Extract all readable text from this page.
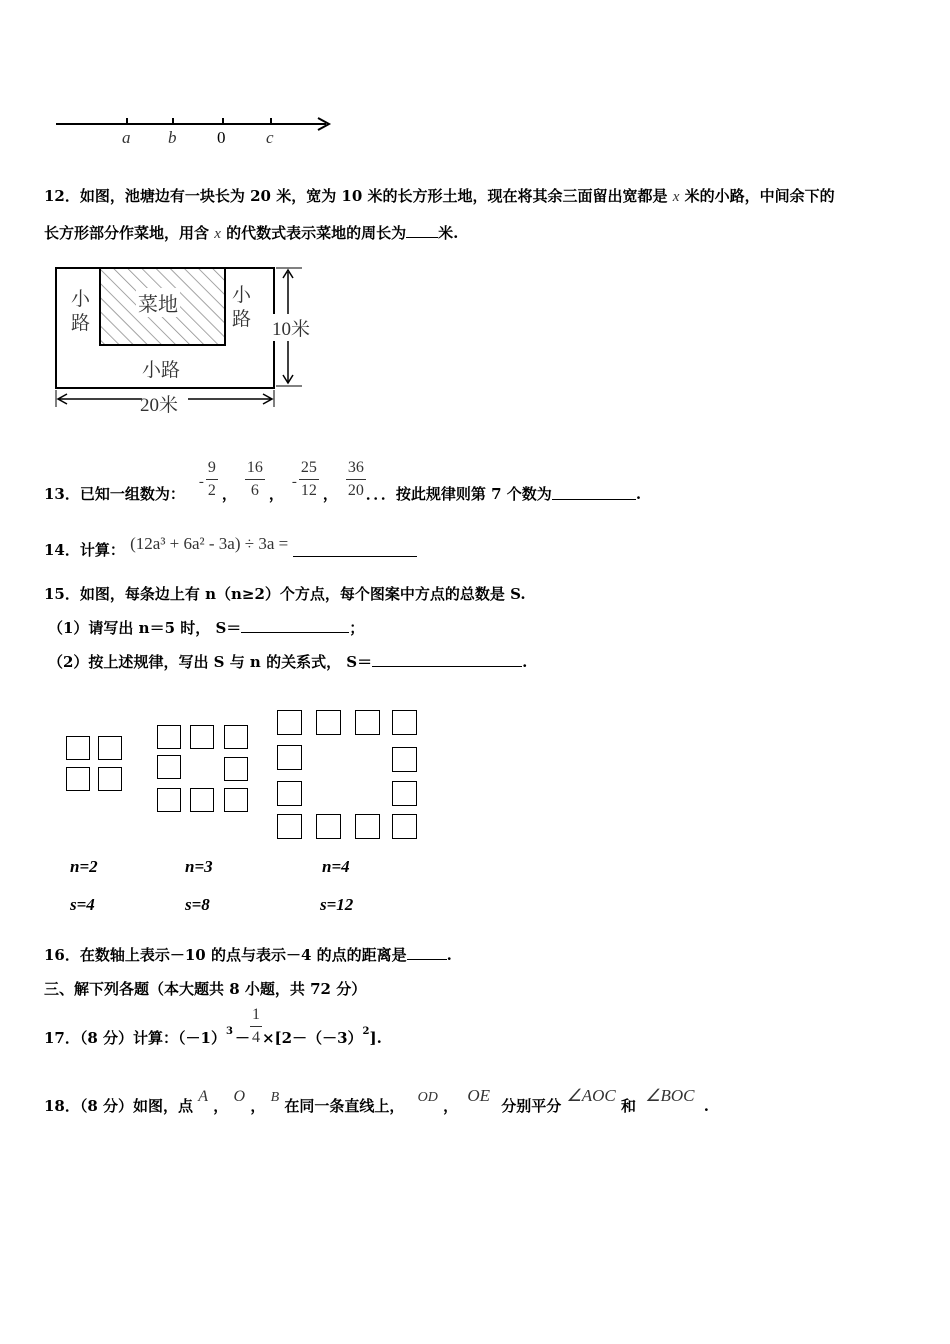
a b 0 c
12．如图，池塘边有一块长为 20 米，宽为 10 米的长方形土地，现在将其余三面留出宽都是 x 米的小路，中间余下的
长方形部分作菜地，用含 x 的代数式表示菜地的周长为 米.
菜地
小路
小路
小路
20米
10米
13．已知一组数为：
- $\frac{9}{2}$ ， $\frac{16}{6}$ ，
- $\frac{25}{12}$ ， $\frac{36}{20}$ ．．．按此规律则第 7 个数为	.
14．计算： (12a³ + 6a² - 3a) ÷ 3a =
15．如图，每条边上有 n（n≥2）个方点，每个图案中方点的总数是 S.
（1）请写出 n＝5 时， S＝	；
（2）按上述规律，写出 S 与 n 的关系式， S＝	.
n=2	n=3	n=4
s=4	s=8	s=12
16．在数轴上表示－10 的点与表示－4 的点的距离是	.
三、解下列各题（本大题共 8 小题，共 72 分）
17．（8 分）计算：$(-1)^3 - \frac{1}{4} \times[2-(-3)^2$ ].
18．（8 分）如图，点 A ， O ， B 在同一条直线上， OD ， OE 分别平分 ∠AOC 和 ∠BOC .
